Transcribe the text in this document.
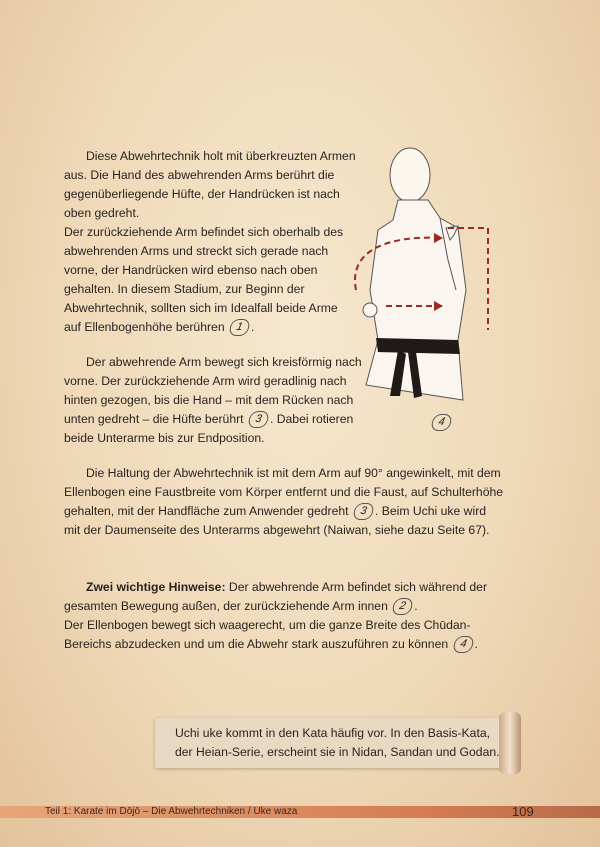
Diese Abwehrtechnik holt mit überkreuzten Armen aus. Die Hand des abwehrenden Arms berührt die gegenüberliegende Hüfte, der Handrücken ist nach oben gedreht.

Der zurückziehende Arm befindet sich oberhalb des abwehrenden Arms und streckt sich gerade nach vorne, der Handrücken wird ebenso nach oben gehalten. In diesem Stadium, zur Beginn der Abwehrtechnik, sollten sich im Idealfall beide Arme auf Ellenbogenhöhe berühren 1 .

Der abwehrende Arm bewegt sich kreisförmig nach vorne. Der zurückziehende Arm wird geradlinig nach hinten gezogen, bis die Hand – mit dem Rücken nach unten gedreht – die Hüfte berührt 3 . Dabei rotieren beide Unterarme bis zur Endposition.

Die Haltung der Abwehrtechnik ist mit dem Arm auf 90° angewinkelt, mit dem Ellenbogen eine Faustbreite vom Körper entfernt und die Faust, auf Schulterhöhe gehalten, mit der Handfläche zum Anwender gedreht 3 . Beim Uchi uke wird mit der Daumenseite des Unterarms abgewehrt (Naiwan, siehe dazu Seite 67).

Zwei wichtige Hinweise: Der abwehrende Arm befindet sich während der gesamten Bewegung außen, der zurückziehende Arm innen 2 .

Der Ellenbogen bewegt sich waagerecht, um die ganze Breite des Chūdan-Bereichs abzudecken und um die Abwehr stark auszuführen zu können 4 .

4

Uchi uke kommt in den Kata häufig vor. In den Basis-Kata,
der Heian-Serie, erscheint sie in Nidan, Sandan und Godan.

Teil 1: Karate im Dōjō – Die Abwehrtechniken / Uke waza	109
